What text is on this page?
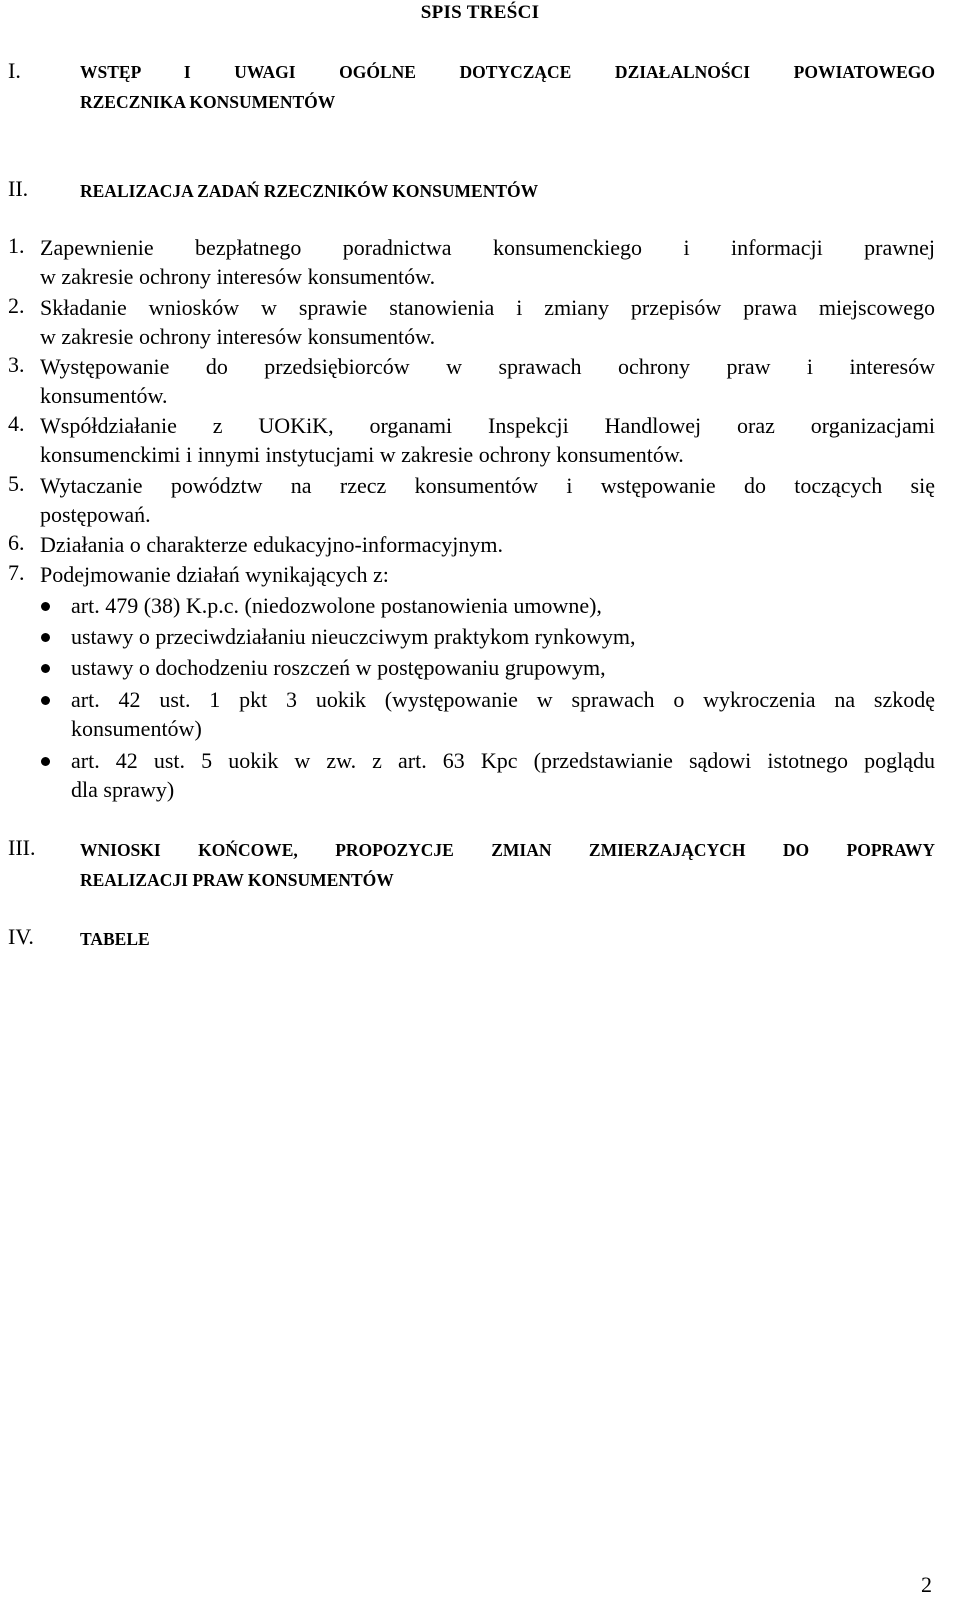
SPIS TREŚCI
I.	WSTĘP I UWAGI OGÓLNE DOTYCZĄCE DZIAŁALNOŚCI POWIATOWEGO
RZECZNIKA KONSUMENTÓW
II.	REALIZACJA ZADAŃ RZECZNIKÓW KONSUMENTÓW
1. Zapewnienie bezpłatnego poradnictwa konsumenckiego i informacji prawnej
w zakresie ochrony interesów konsumentów.
2. Składanie wniosków w sprawie stanowienia i zmiany przepisów prawa miejscowego
w zakresie ochrony interesów konsumentów.
3. Występowanie do przedsiębiorców w sprawach ochrony praw i interesów
konsumentów.
4. Współdziałanie z UOKiK, organami Inspekcji Handlowej oraz organizacjami
konsumenckimi i innymi instytucjami w zakresie ochrony konsumentów.
5. Wytaczanie powództw na rzecz konsumentów i wstępowanie do toczących się
postępowań.
6. Działania o charakterze edukacyjno-informacyjnym.
7. Podejmowanie działań wynikających z:
art. 479 (38) K.p.c. (niedozwolone postanowienia umowne),
ustawy o przeciwdziałaniu nieuczciwym praktykom rynkowym,
ustawy o dochodzeniu roszczeń w postępowaniu grupowym,
art. 42 ust. 1 pkt 3 uokik (występowanie w sprawach o wykroczenia na szkodę
konsumentów)
art. 42 ust. 5 uokik w zw. z art. 63 Kpc (przedstawianie sądowi istotnego poglądu
dla sprawy)
III.	WNIOSKI KOŃCOWE, PROPOZYCJE ZMIAN ZMIERZAJĄCYCH DO POPRAWY
REALIZACJI PRAW KONSUMENTÓW
IV.	TABELE
2
